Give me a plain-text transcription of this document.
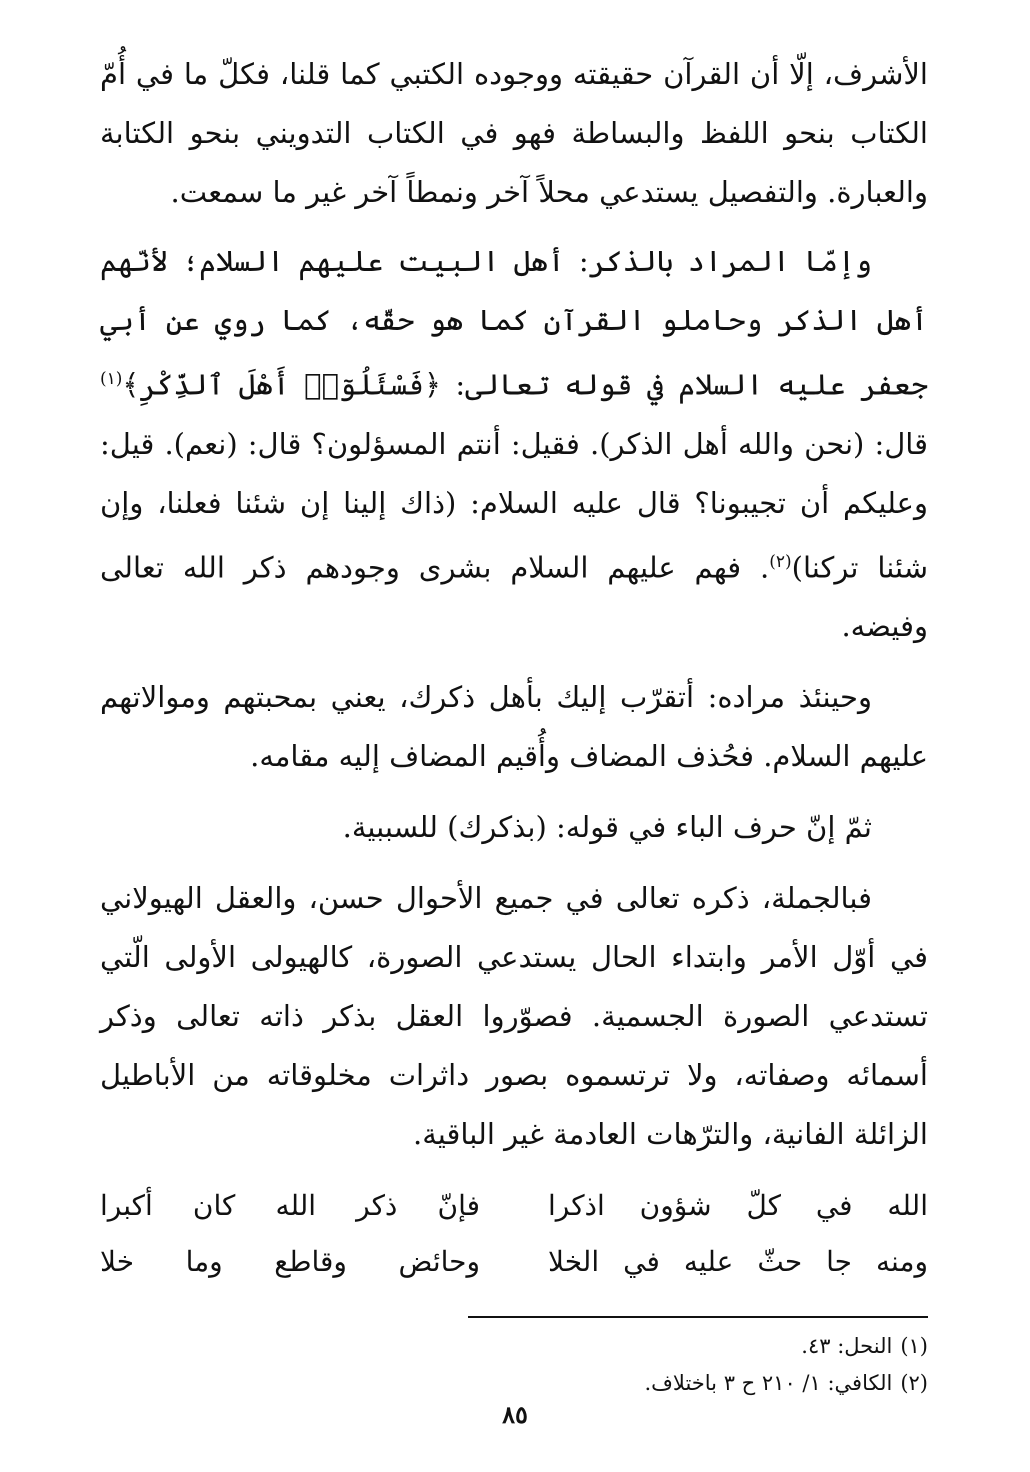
الأشرف، إلّا أن القرآن حقيقته ووجوده الكتبي كما قلنا، فكلّ ما في أُمّ الكتاب بنحو اللفظ والبساطة فهو في الكتاب التدويني بنحو الكتابة والعبارة. والتفصيل يستدعي محلاً آخر ونمطاً آخر غير ما سمعت.

وإمّا المراد بالذكر: أهل البيت عليهم السلام؛ لأنّهم أهل الذكر وحاملو القرآن كما هو حقّه، كما روي عن أبي جعفر عليه السلام في قوله تعالى: ﴿فَسْئَلُوٓا۟ أَهْلَ ٱلذِّكْرِ﴾$^{(١)}$ قال: (نحن والله أهل الذكر). فقيل: أنتم المسؤلون؟ قال: (نعم). قيل: وعليكم أن تجيبونا؟ قال عليه السلام: (ذاك إلينا إن شئنا فعلنا، وإن شئنا تركنا)$^{(٢)}$. فهم عليهم السلام بشرى وجودهم ذكر الله تعالى وفيضه.

وحينئذ مراده: أتقرّب إليك بأهل ذكرك، يعني بمحبتهم وموالاتهم عليهم السلام. فحُذف المضاف وأُقيم المضاف إليه مقامه.

ثمّ إنّ حرف الباء في قوله: (بذكرك) للسببية.

فبالجملة، ذكره تعالى في جميع الأحوال حسن، والعقل الهيولاني في أوّل الأمر وابتداء الحال يستدعي الصورة، كالهيولى الأولى الّتي تستدعي الصورة الجسمية. فصوّروا العقل بذكر ذاته تعالى وذكر أسمائه وصفاته، ولا ترتسموه بصور داثرات مخلوقاته من الأباطيل الزائلة الفانية، والترّهات العادمة غير الباقية.

الله في كلّ شؤون اذكرا
فإنّ ذكر الله كان أكبرا
ومنه جا حثّ عليه في الخلا
وحائض وقاطع وما خلا
(١)النحل: ٤٣.
(٢)الكافي: ١/ ٢١٠ ح ٣ باختلاف.
٨٥
